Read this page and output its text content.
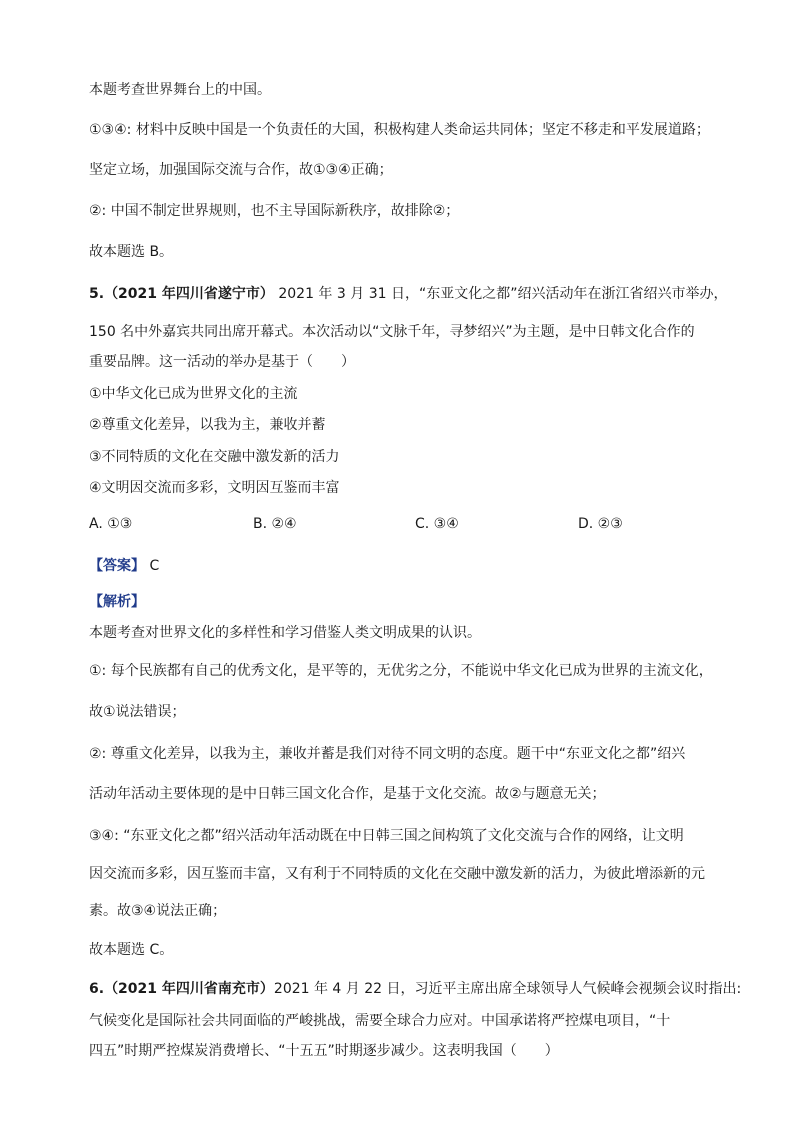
本题考查世界舞台上的中国。
①③④: 材料中反映中国是一个负责任的大国，积极构建人类命运共同体；坚定不移走和平发展道路；
坚定立场，加强国际交流与合作，故①③④正确；
②: 中国不制定世界规则，也不主导国际新秩序，故排除②；
故本题选 B。
5.（2021 年四川省遂宁市） 2021 年 3 月 31 日，“东亚文化之都”绍兴活动年在浙江省绍兴市举办，
150 名中外嘉宾共同出席开幕式。本次活动以“文脉千年，寻梦绍兴”为主题，是中日韩文化合作的
重要品牌。这一活动的举办是基于（　　）
①中华文化已成为世界文化的主流
②尊重文化差异，以我为主，兼收并蓄
③不同特质的文化在交融中激发新的活力
④文明因交流而多彩，文明因互鉴而丰富
A. ①③	B. ②④	C. ③④	D. ②③
【答案】 C
【解析】
本题考查对世界文化的多样性和学习借鉴人类文明成果的认识。
①: 每个民族都有自己的优秀文化，是平等的，无优劣之分，不能说中华文化已成为世界的主流文化，
故①说法错误；
②: 尊重文化差异，以我为主，兼收并蓄是我们对待不同文明的态度。题干中“东亚文化之都”绍兴
活动年活动主要体现的是中日韩三国文化合作，是基于文化交流。故②与题意无关；
③④: “东亚文化之都”绍兴活动年活动既在中日韩三国之间构筑了文化交流与合作的网络，让文明
因交流而多彩，因互鉴而丰富，又有利于不同特质的文化在交融中激发新的活力，为彼此增添新的元
素。故③④说法正确；
故本题选 C。
6.（2021 年四川省南充市）2021 年 4 月 22 日，习近平主席出席全球领导人气候峰会视频会议时指出:
气候变化是国际社会共同面临的严峻挑战，需要全球合力应对。中国承诺将严控煤电项目，“十
四五”时期严控煤炭消费增长、“十五五”时期逐步减少。这表明我国（　　）
